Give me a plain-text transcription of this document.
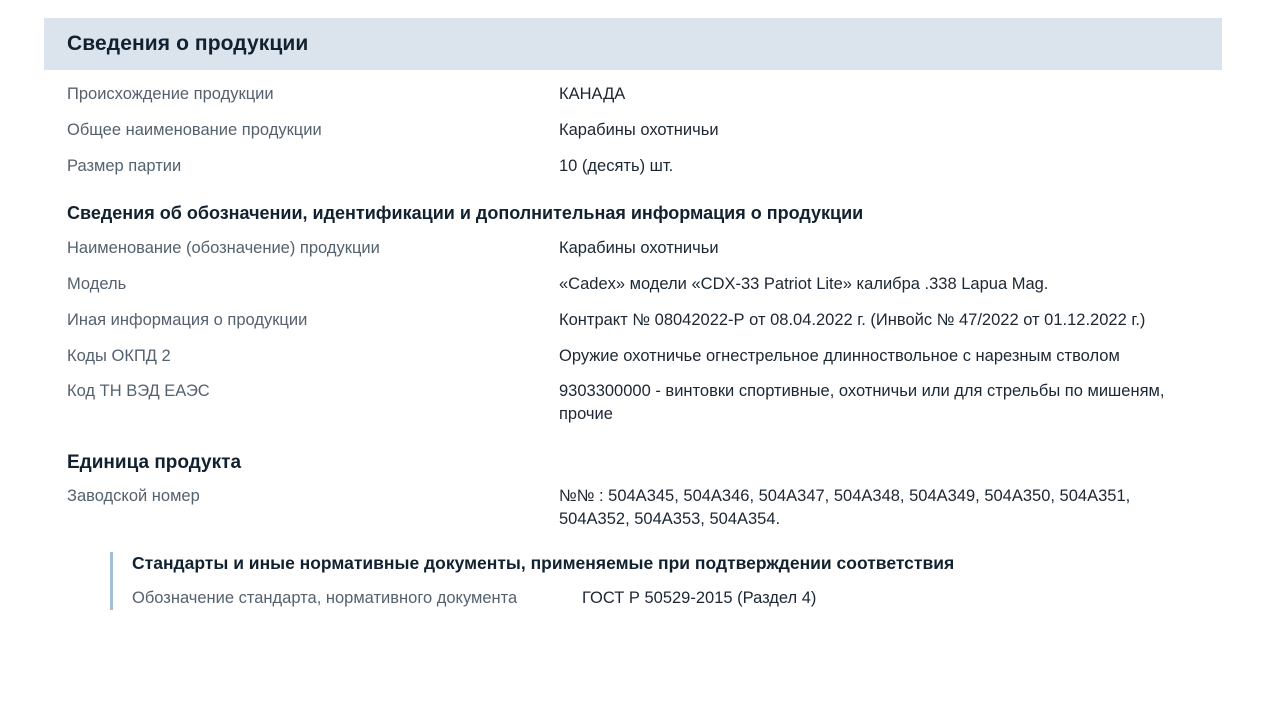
Сведения о продукции
Происхождение продукции	КАНАДА
Общее наименование продукции	Карабины охотничьи
Размер партии	10 (десять) шт.
Сведения об обозначении, идентификации и дополнительная информация о продукции
Наименование (обозначение) продукции	Карабины охотничьи
Модель	«Cadex» модели «CDX-33 Patriot Lite» калибра .338 Lapua Mag.
Иная информация о продукции	Контракт № 08042022-Р от 08.04.2022 г. (Инвойс № 47/2022 от 01.12.2022 г.)
Коды ОКПД 2	Оружие охотничье огнестрельное длинноствольное с нарезным стволом
Код ТН ВЭД ЕАЭС	9303300000 - винтовки спортивные, охотничьи или для стрельбы по мишеням, прочие
Единица продукта
Заводской номер	№№ : 504А345, 504А346, 504А347, 504А348, 504А349, 504А350, 504А351, 504А352, 504А353, 504А354.
Стандарты и иные нормативные документы, применяемые при подтверждении соответствия
Обозначение стандарта, нормативного документа	ГОСТ Р 50529-2015 (Раздел 4)
